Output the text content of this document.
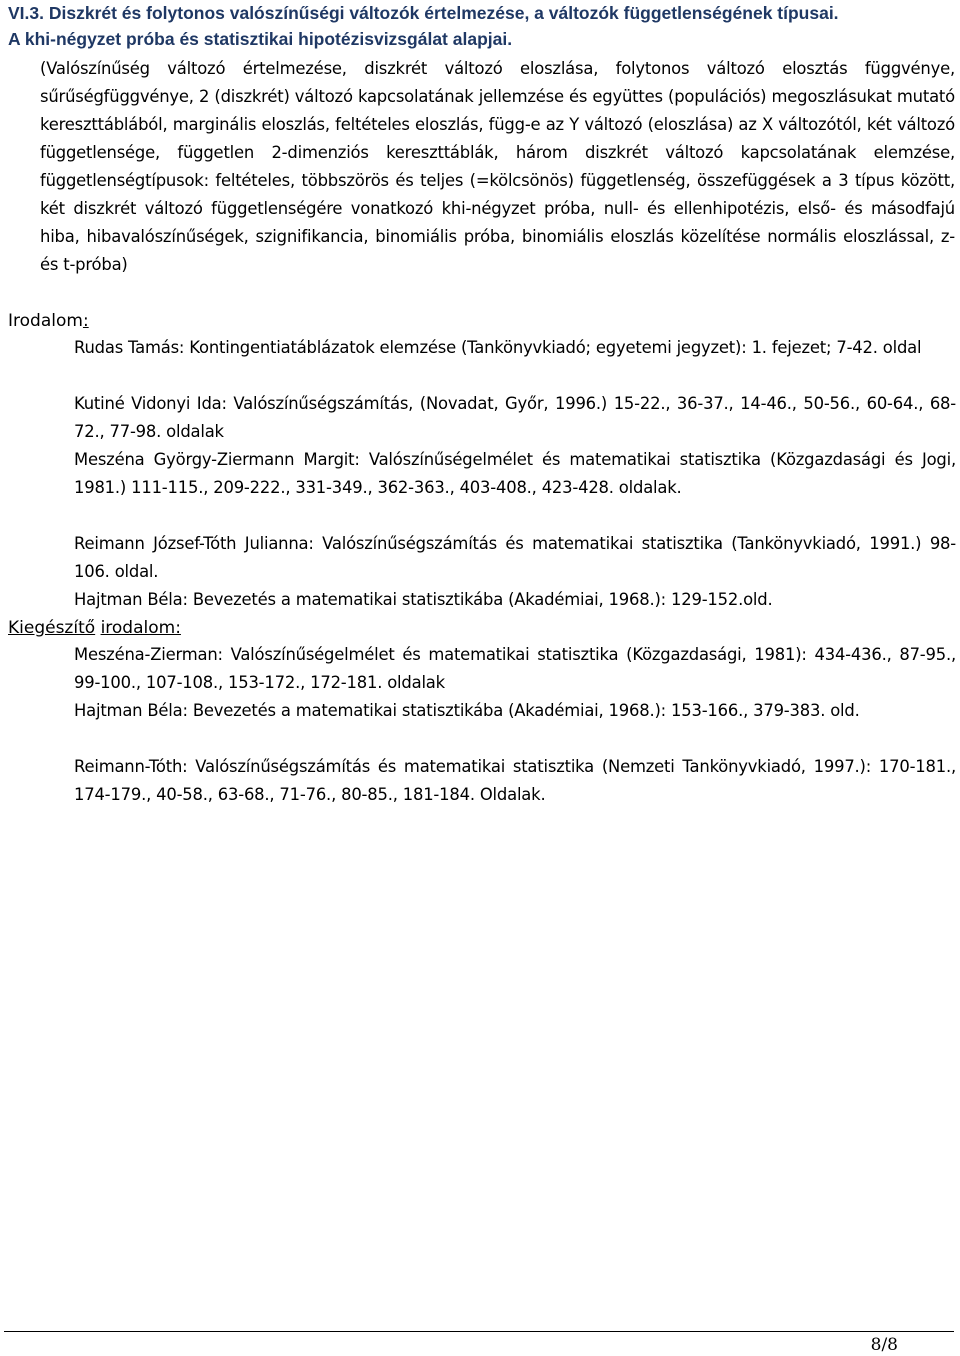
VI.3. Diszkrét és folytonos valószínűségi változók értelmezése, a változók függetlenségének típusai.
A khi-négyzet próba és statisztikai hipotézisvizsgálat alapjai.
(Valószínűség változó értelmezése, diszkrét változó eloszlása, folytonos változó elosztás függvénye, sűrűségfüggvénye, 2 (diszkrét) változó kapcsolatának jellemzése és együttes (populációs) megoszlásukat mutató kereszttáblából, marginális eloszlás, feltételes eloszlás, függ-e az Y változó (eloszlása) az X változótól, két változó függetlensége, független 2-dimenziós kereszttáblák, három diszkrét változó kapcsolatának elemzése, függetlenségtípusok: feltételes, többszörös és teljes (=kölcsönös) függetlenség, összefüggések a 3 típus között, két diszkrét változó függetlenségére vonatkozó khi-négyzet próba, null- és ellenhipotézis, első- és másodfajú hiba, hibavalószínűségek, szignifikancia, binomiális próba, binomiális eloszlás közelítése normális eloszlással, z- és t-próba)
Irodalom:
Rudas Tamás: Kontingentiatáblázatok elemzése (Tankönyvkiadó; egyetemi jegyzet): 1. fejezet; 7-42. oldal
Kutiné Vidonyi Ida: Valószínűségszámítás, (Novadat, Győr, 1996.) 15-22., 36-37., 14-46., 50-56., 60-64., 68-72., 77-98. oldalak
Meszéna György-Ziermann Margit: Valószínűségelmélet és matematikai statisztika (Közgazdasági és Jogi, 1981.) 111-115., 209-222., 331-349., 362-363., 403-408., 423-428. oldalak.
Reimann József-Tóth Julianna: Valószínűségszámítás és matematikai statisztika (Tankönyvkiadó, 1991.) 98-106. oldal.
Hajtman Béla: Bevezetés a matematikai statisztikába (Akadémiai, 1968.): 129-152.old.
Kiegészítő irodalom:
Meszéna-Zierman: Valószínűségelmélet és matematikai statisztika (Közgazdasági, 1981): 434-436., 87-95., 99-100., 107-108., 153-172., 172-181. oldalak
Hajtman Béla: Bevezetés a matematikai statisztikába (Akadémiai, 1968.): 153-166., 379-383. old.
Reimann-Tóth: Valószínűségszámítás és matematikai statisztika (Nemzeti Tankönyvkiadó, 1997.): 170-181., 174-179., 40-58., 63-68., 71-76., 80-85., 181-184. Oldalak.
8/8
